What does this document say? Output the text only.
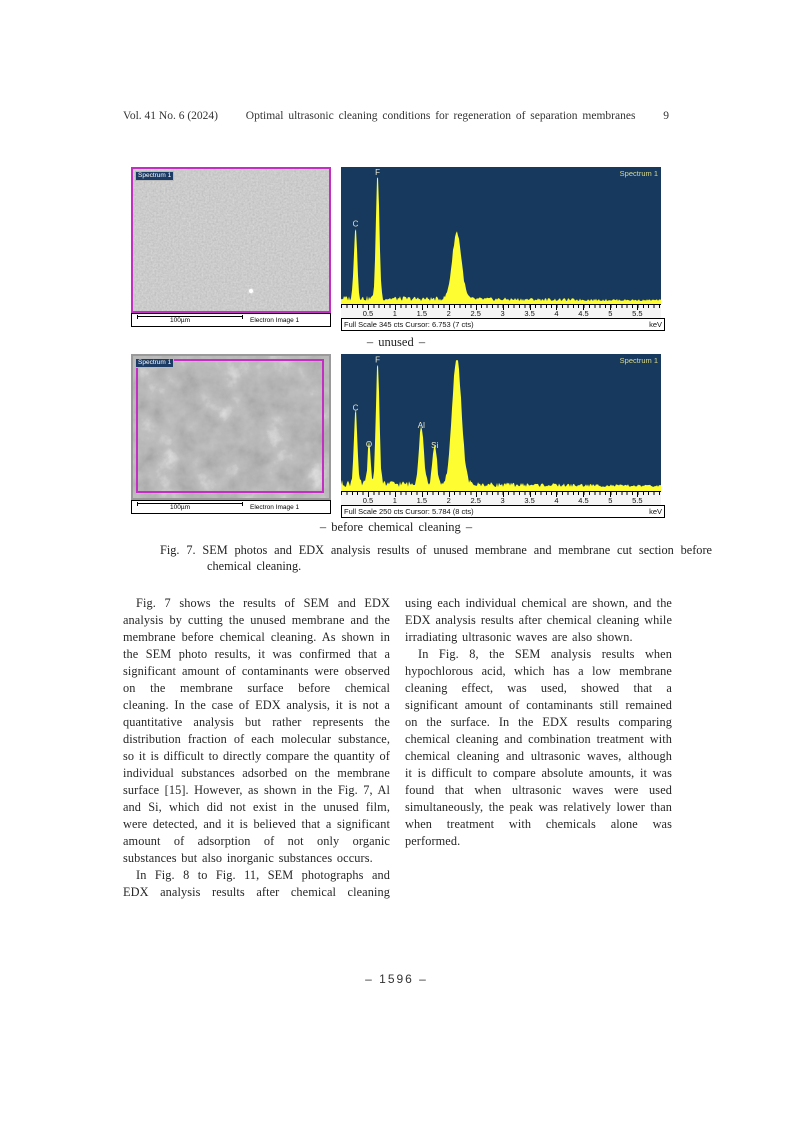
Vol. 41 No. 6 (2024)	Optimal ultrasonic cleaning conditions for regeneration of separation membranes	9
Spectrum 1
100µm	Electron Image 1
Spectrum 1
C
F
0.5	1	1.5	2	2.5	3	3.5	4	4.5	5	5.5
Full Scale 345 cts Cursor: 6.753 (7 cts)	keV
– unused –
Spectrum 1
100µm	Electron Image 1
Spectrum 1
C
O
F
Al
Si
0.5	1	1.5	2	2.5	3	3.5	4	4.5	5	5.5
Full Scale 250 cts Cursor: 5.784 (8 cts)	keV
– before chemical cleaning –
Fig. 7. SEM photos and EDX analysis results of unused membrane and membrane cut section before chemical cleaning.

Fig. 7 shows the results of SEM and EDX analysis by cutting the unused membrane and the membrane before chemical cleaning. As shown in the SEM photo results, it was confirmed that a significant amount of contaminants were observed on the membrane surface before chemical cleaning. In the case of EDX analysis, it is not a quantitative analysis but rather represents the distribution fraction of each molecular substance, so it is difficult to directly compare the quantity of individual substances adsorbed on the membrane surface [15]. However, as shown in the Fig. 7, Al and Si, which did not exist in the unused film, were detected, and it is believed that a significant amount of adsorption of not only organic substances but also inorganic substances occurs.

In Fig. 8 to Fig. 11, SEM photographs and EDX analysis results after chemical cleaning

using each individual chemical are shown, and the EDX analysis results after chemical cleaning while irradiating ultrasonic waves are also shown.

In Fig. 8, the SEM analysis results when hypochlorous acid, which has a low membrane cleaning effect, was used, showed that a significant amount of contaminants still remained on the surface. In the EDX results comparing chemical cleaning and combination treatment with chemical cleaning and ultrasonic waves, although it is difficult to compare absolute amounts, it was found that when ultrasonic waves were used simultaneously, the peak was relatively lower than when treatment with chemicals alone was performed.

– 1596 –
